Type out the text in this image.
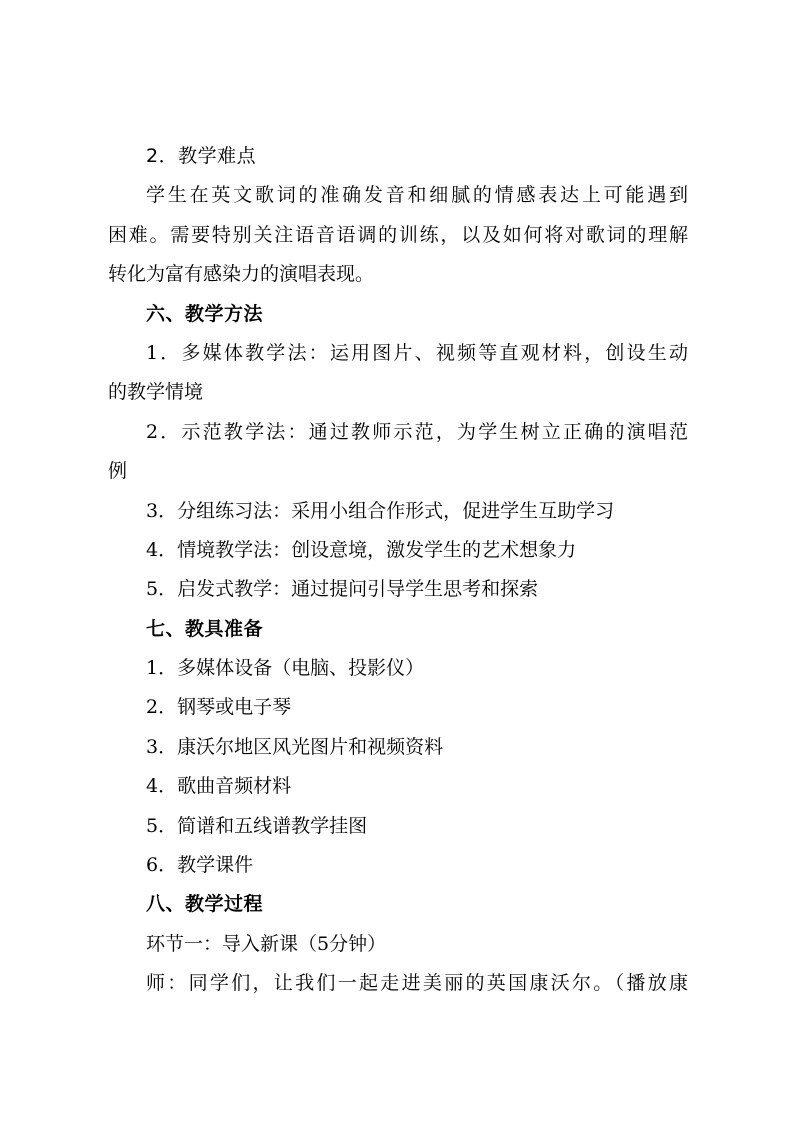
2．教学难点
学生在英文歌词的准确发音和细腻的情感表达上可能遇到
困难。需要特别关注语音语调的训练，以及如何将对歌词的理解
转化为富有感染力的演唱表现。
六、教学方法
1．多媒体教学法：运用图片、视频等直观材料，创设生动
的教学情境
2．示范教学法：通过教师示范，为学生树立正确的演唱范
例
3．分组练习法：采用小组合作形式，促进学生互助学习
4．情境教学法：创设意境，激发学生的艺术想象力
5．启发式教学：通过提问引导学生思考和探索
七、教具准备
1．多媒体设备（电脑、投影仪）
2．钢琴或电子琴
3．康沃尔地区风光图片和视频资料
4．歌曲音频材料
5．简谱和五线谱教学挂图
6．教学课件
八、教学过程
环节一：导入新课（5分钟）
师：同学们，让我们一起走进美丽的英国康沃尔。（播放康
